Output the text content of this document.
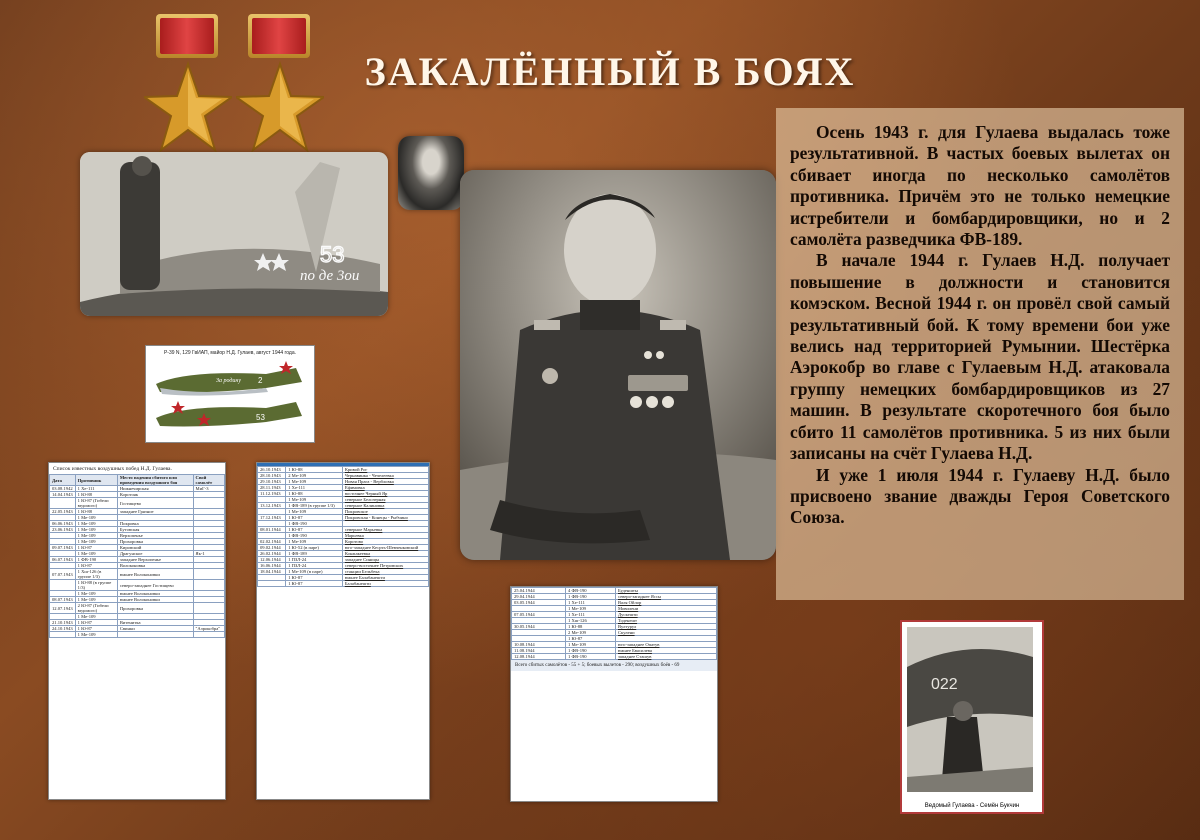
ЗАКАЛЁННЫЙ В БОЯХ
по де 3ои
53
Р-39 N, 129 ГвИАП, майор Н.Д. Гулаев, август 1944 года.
За родину 2
53

Осень 1943 г. для Гулаева выдалась тоже результативной. В частых боевых вылетах он сбивает иногда по несколько самолётов противника. Причём это не только немецкие истребители и бомбардировщики, но и 2 самолёта разведчика ФВ-189.

В начале 1944 г. Гулаев Н.Д. получает повышение в должности и становится комэском. Весной 1944 г. он провёл свой самый результативный бой. К тому времени бои уже велись над территорией Румынии. Шестёрка Аэрокобр во главе с Гулаевым Н.Д. атаковала группу немецких бомбардировщиков из 27 машин. В результате скоротечного боя было сбито 11 самолётов противника. 5 из них были записаны на счёт Гулаева Н.Д.

И уже 1 июля 1944 г. Гулаеву Н.Д. было присвоено звание дважды Героя Советского Союза.

Список известных воздушных побед Н.Д. Гулаева.
Дата	Противник	Место падения сбитого или проведения воздушного боя	Свой самолёт
03.08.1942	1 Хе-111	Нижнечирская	МиГ-3
14.04.1943	1 Ю-88	Коротояк	
	1 Ю-87 (Гибели ведомого)	Гостищево	
22.05.1943	1 Ю-88	западнее Грязное	
	1 Ме-109		
06.06.1943	1 Ме-109	Покровка	
23.06.1943	1 Ме-109	Бутовская	
	1 Ме-109	Верхопенье	
	1 Ме-109	Прохоровка	
09.07.1943	1 Ю-87	Кировский	
	1 Ме-109	Драгунское	Як-1
06.07.1943	1 ФВ-190	западнее Верхопенье	
	1 Ю-87	Волоконовка	
07.07.1943	1 Хш-126 (в группе 1/3)	южнее Волоконовки	
	1 Ю-88 (в группе 1/3)	северо-западнее Гостищево	
	1 Ме-109	южнее Волоконовки	
08.07.1943	1 Ме-109	южнее Волоконовки	
12.07.1943	2 Ю-87 (Гибели ведомого)	Прохоровка	
	1 Ме-109		
21.10.1943	1 Ю-87	Витенитка	
24.10.1943	1 Ю-87	Свинки	"Аэрокобра"
	1 Ме-109		
26.10.1943	1 Ю-88	Кривой Рог
28.10.1943	2 Ме-109	Чернавинка - Чечелеевка
29.10.1943	1 Ме-109	Новая Прага - Вербловка
28.11.1943	1 Хе-111	Ефимовка
11.12.1943	1 Ю-88	восточнее Черный Яр
	1 Ме-109	северное Белозерная
13.12.1943	1 ФВ-189 (в группе 1/3)	северное Калиновка
	1 Ме-109	Покровское
17.12.1943	1 Ю-87	Покровская - Конецы - Рыбчино
	1 ФВ-190	
08.01.1944	1 Ю-87	северное Марьевка
	1 ФВ-190	Марьевка
02.02.1944	1 Ме-109	Коротово
09.02.1944	1 Ю-52 (в паре)	юго-западнее Кесрть-Шевченковский
26.02.1944	1 ФВ-189	Конжакеевка
12.06.1944	1 ПЗЛ-24	западнее Синицы
16.06.1944	1 ПЗЛ-24	северо-восточнее Петровских
18.04.1944	1 Ме-109 (в паре)	станции Бельбека
	1 Ю-87	южнее Балабанешти
	1 Ю-87	Балабанешти
25.04.1944	4 ФВ-190	Буденшты
29.04.1944	1 ФВ-190	северо-западнее Яссы
03.05.1944	1 Хе-111	Валя Ойлор
	1 Ме-109	Мовилени
07.05.1944	1 Хе-111	Дускешти
	1 Хш-126	Тоденешт
30.05.1944	1 Ю-88	Вултурул
	2 Ме-109	Скулени
	1 Ю-87	
10.08.1944	1 Ме-109	юго-западнее Опатув
11.08.1944	1 ФВ-190	южнее Бвасилева
12.08.1944	1 ФВ-190	западнее Сташув
Всего сбитых самолётов - 55 + 5; боевых вылетов - 290; воздушных боёв - 69
022
Ведомый Гулаева - Семён Букчин
